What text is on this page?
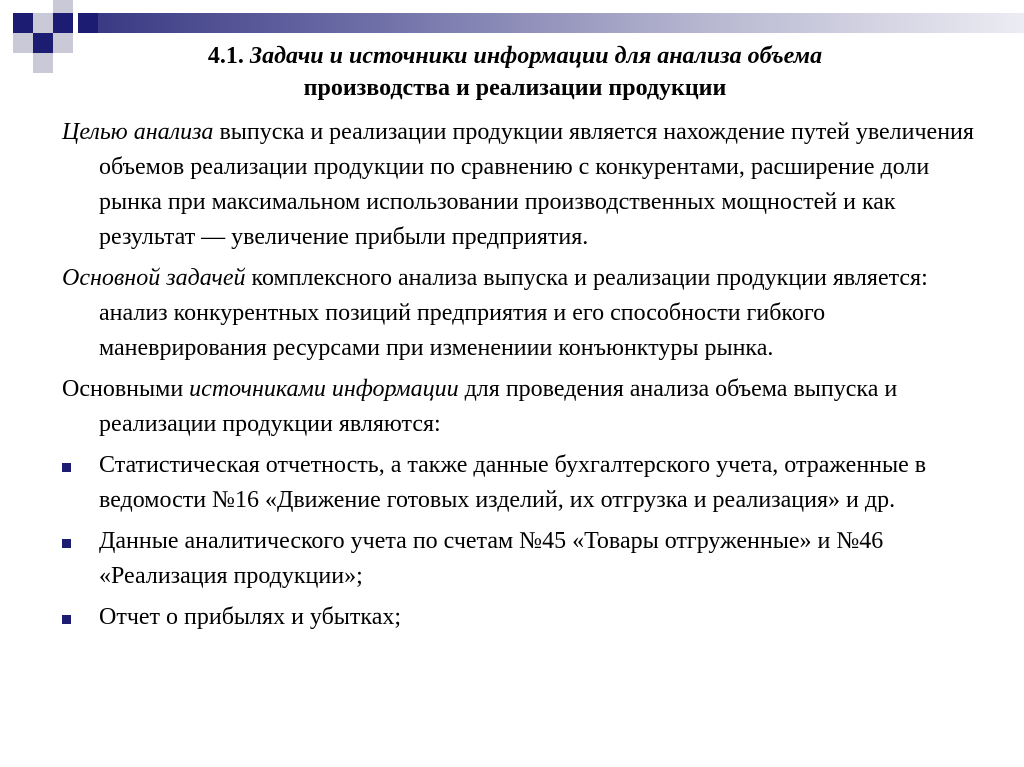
4.1. Задачи и источники информации для анализа объема
производства и реализации продукции

Целью анализа выпуска и реализации продукции является нахождение путей увеличения объемов реализации продукции по сравнению с конкурентами, расширение доли рынка при максимальном использовании производственных мощностей и как результат — увеличение прибыли предприятия.

Основной задачей комплексного анализа выпуска и реализации продукции является: анализ конкурентных позиций предприятия и его способности гибкого маневрирования ресурсами при изменениии конъюнктуры рынка.

Основными источниками информации для проведения анализа объема выпуска и реализации продукции являются:

Статистическая отчетность, а также данные бухгалтерского учета, отраженные в ведомости №16 «Движение готовых изделий, их отгрузка и реализация» и др.
Данные аналитического учета по счетам №45 «Товары отгруженные» и №46 «Реализация продукции»;
Отчет о прибылях и убытках;
